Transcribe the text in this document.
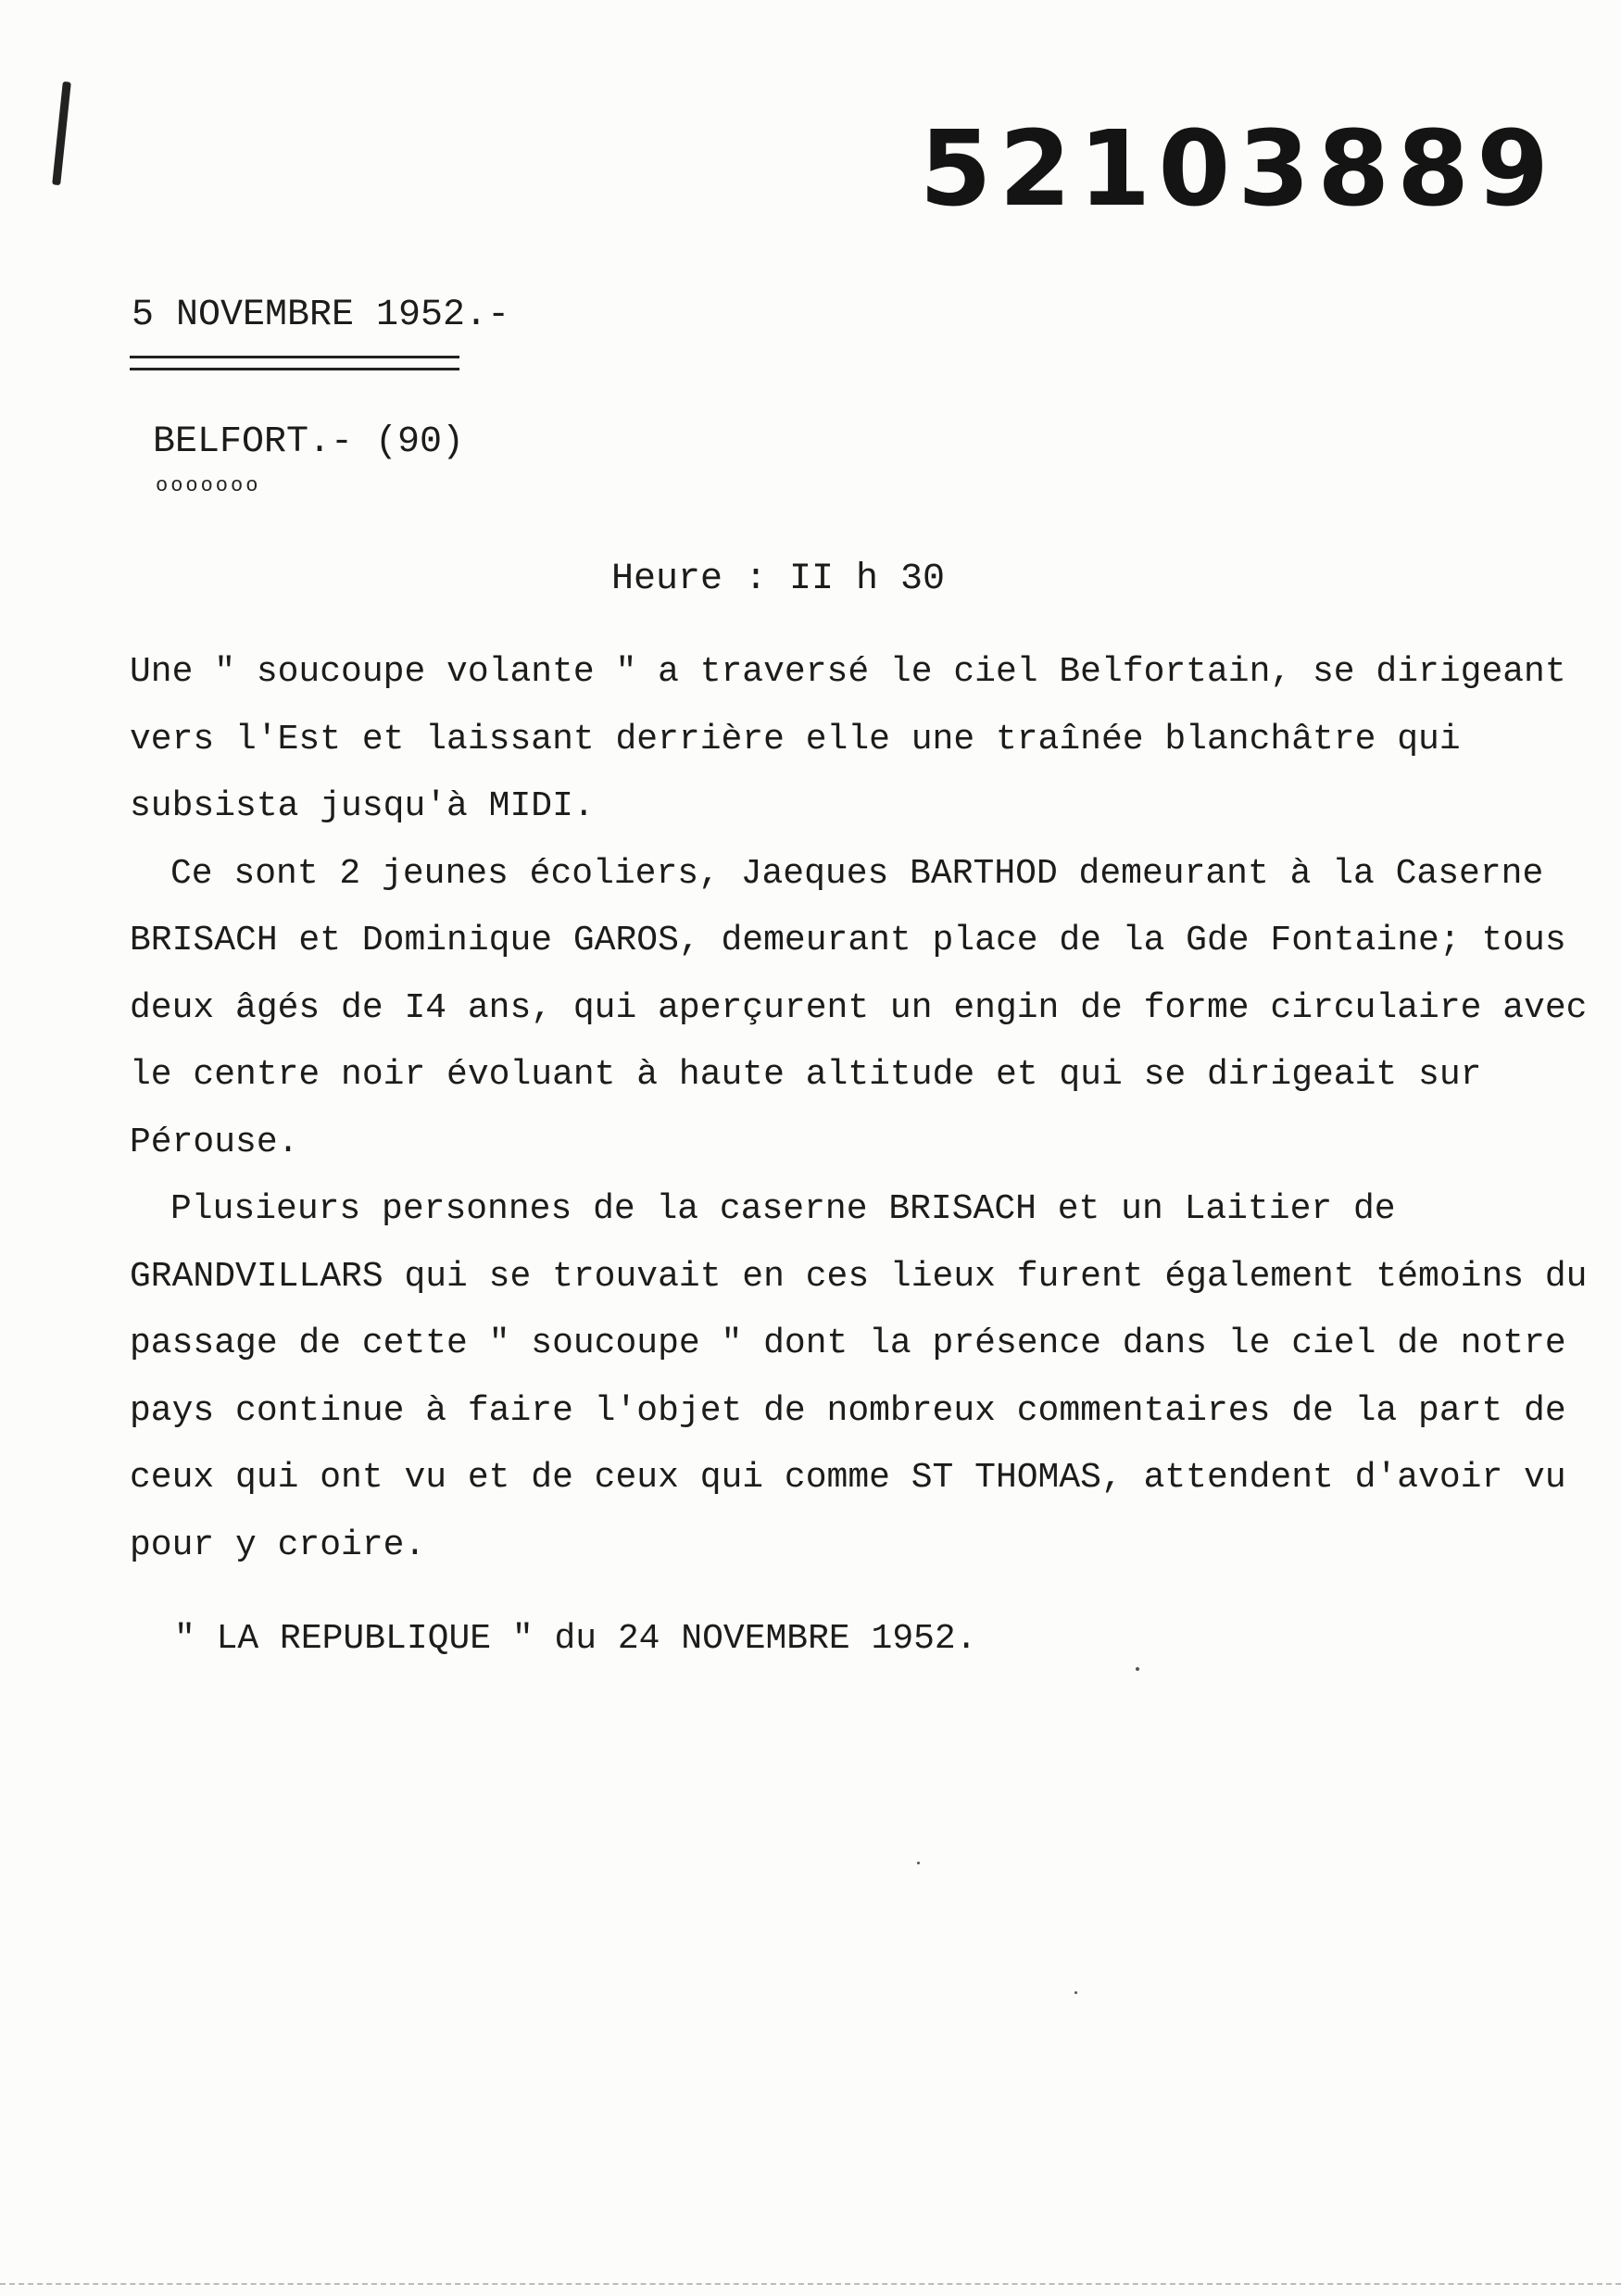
52103889
5 NOVEMBRE 1952.-
BELFORT.- (90)
ooooooo
Heure : II h 30

Une " soucoupe volante " a traversé le ciel Belfortain, se dirigeant vers l'Est et laissant derrière elle une traînée blanchâtre qui subsista jusqu'à MIDI.

Ce sont 2 jeunes écoliers, Jaeques BARTHOD demeurant à la Caserne BRISACH et Dominique GAROS, demeurant place de la Gde Fontaine; tous deux âgés de I4 ans, qui aperçurent un engin de forme circulaire avec le centre noir évoluant à haute altitude et qui se dirigeait sur Pérouse.

Plusieurs personnes de la caserne BRISACH et un Laitier de GRANDVILLARS qui se trouvait en ces lieux furent également témoins du passage de cette " soucoupe " dont la présence dans le ciel de notre pays continue à faire l'objet de nombreux commentaires de la part de ceux qui ont vu et de ceux qui comme ST THOMAS, attendent d'avoir vu pour y croire.

" LA REPUBLIQUE " du 24 NOVEMBRE 1952.
